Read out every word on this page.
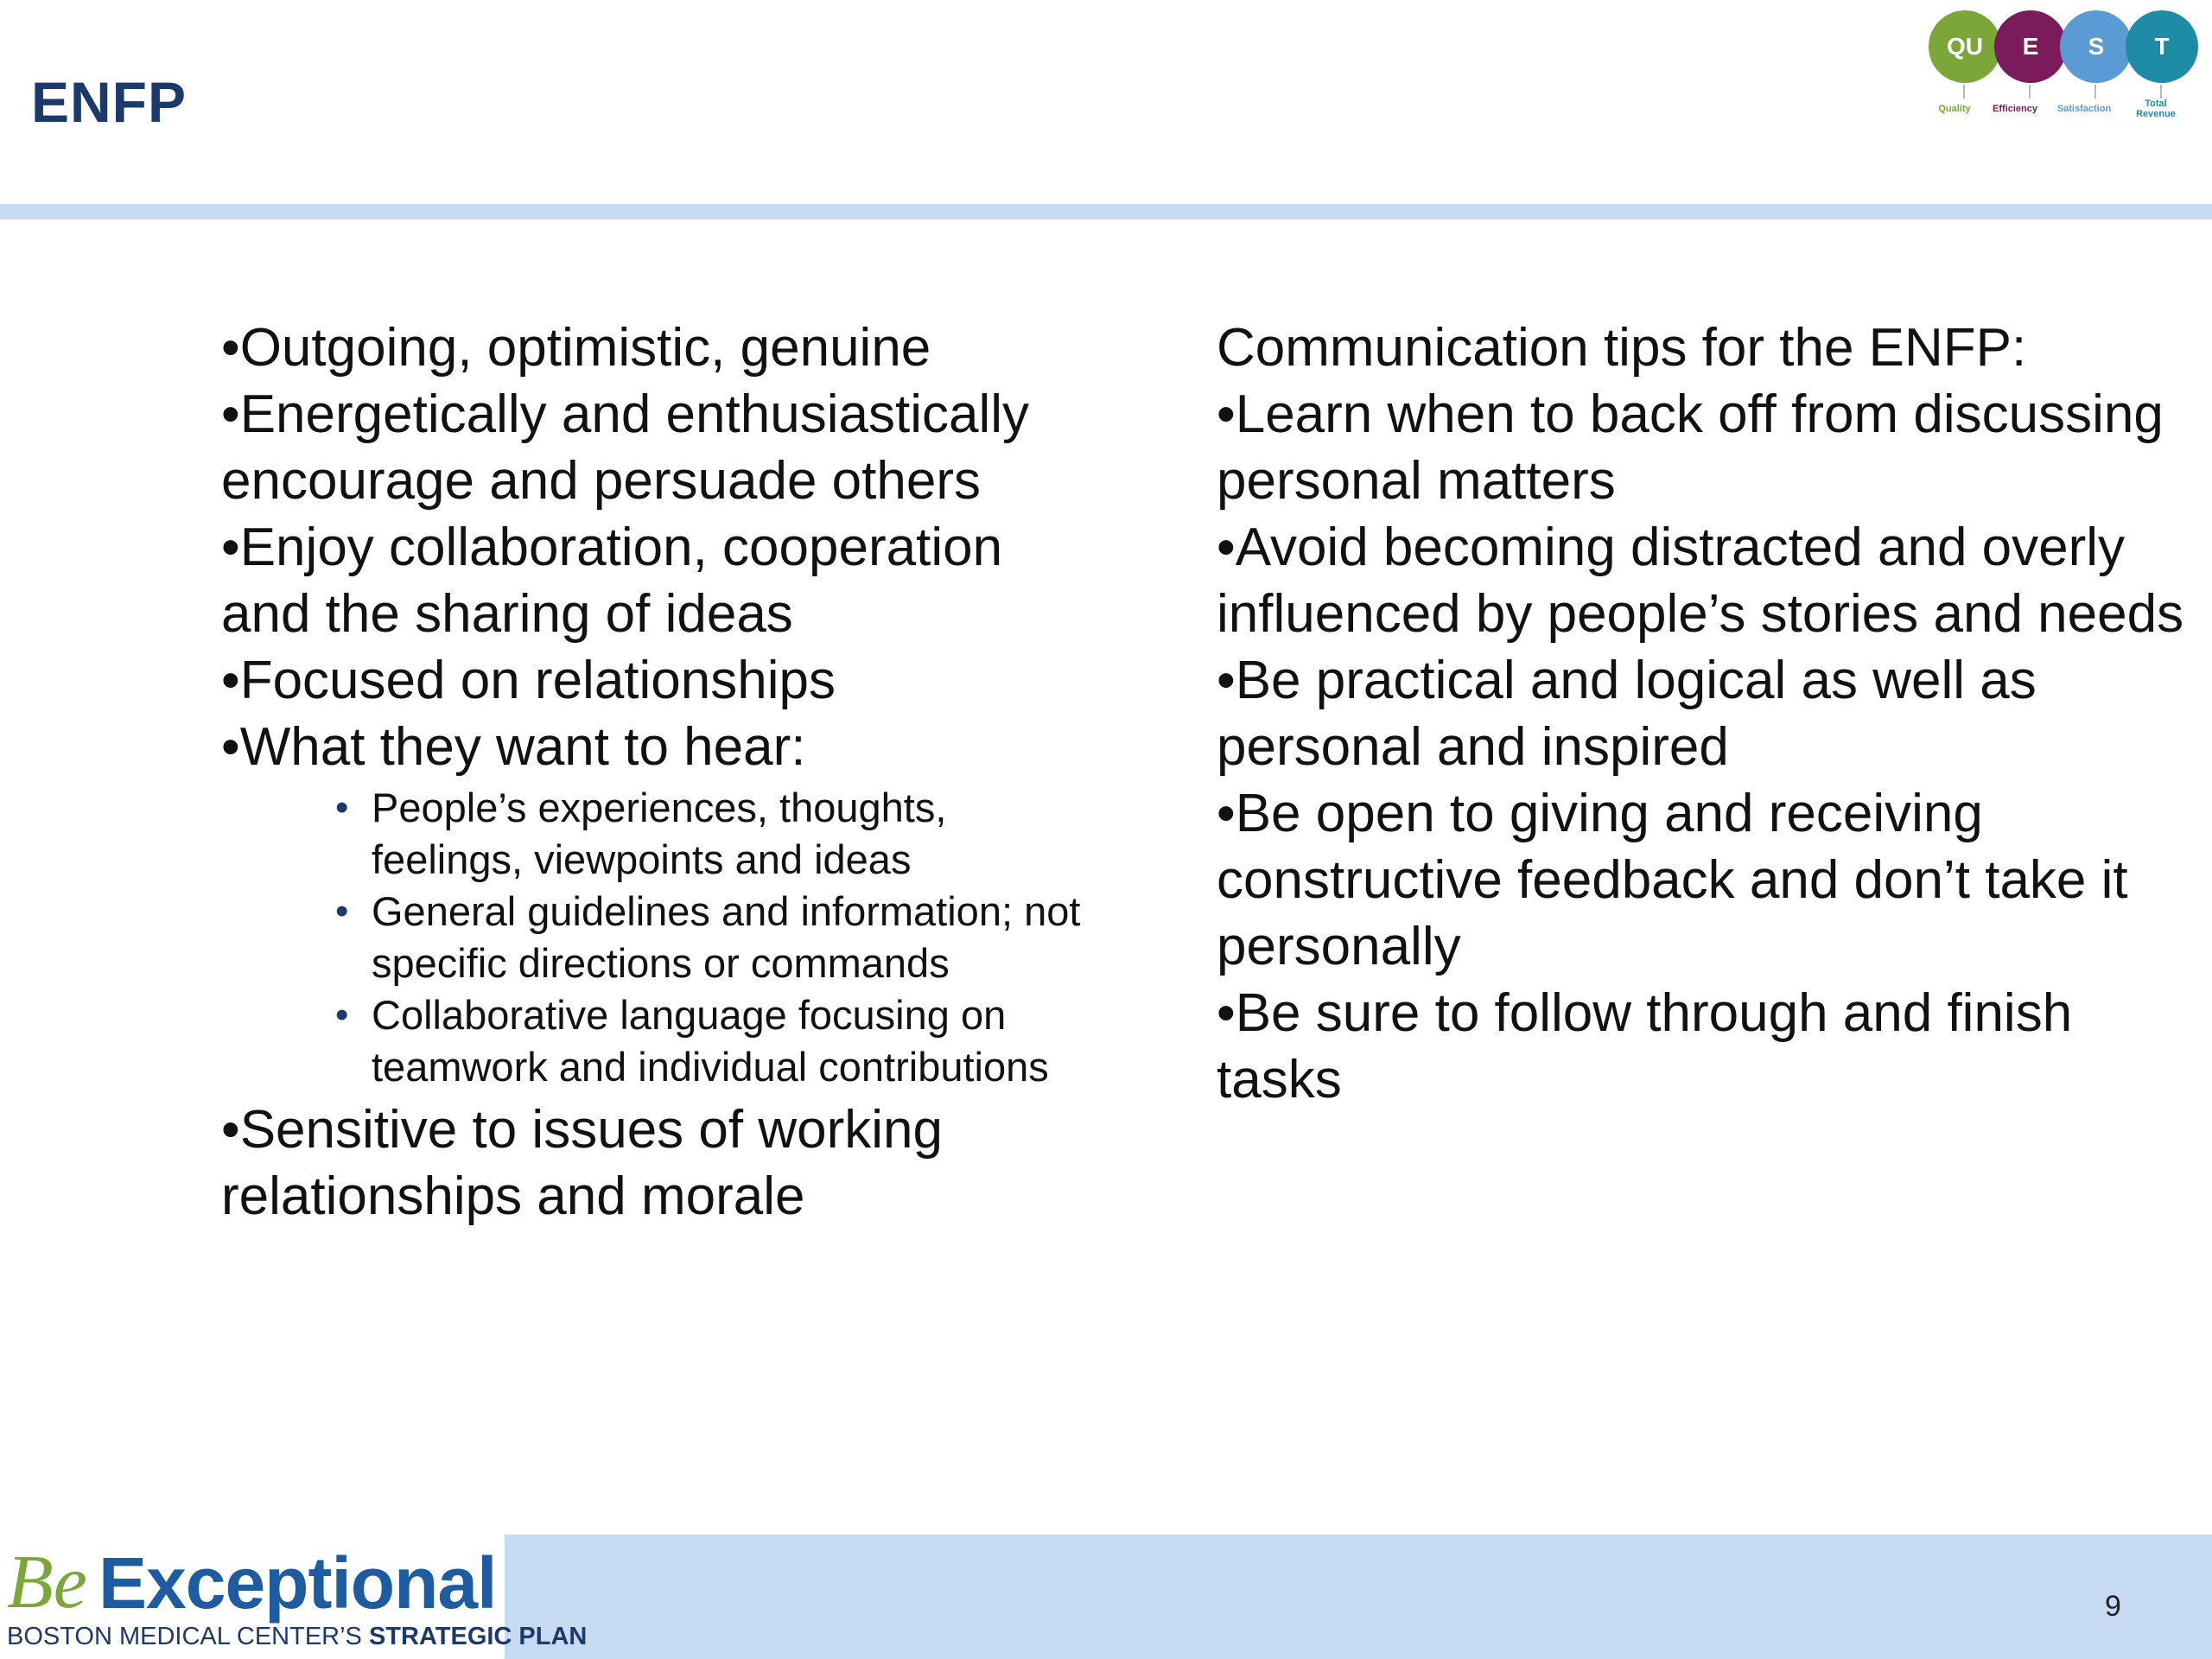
ENFP
QU	E	S	T
Quality	Efficiency	Satisfaction	Total Revenue

•Outgoing, optimistic, genuine

•Energetically and enthusiastically encourage and persuade others

•Enjoy collaboration, cooperation and the sharing of ideas

•Focused on relationships

•What they want to hear:

• People’s experiences, thoughts, feelings, viewpoints and ideas
• General guidelines and information; not specific directions or commands
• Collaborative language focusing on teamwork and individual contributions

•Sensitive to issues of working relationships and morale

Communication tips for the ENFP:

•Learn when to back off from discussing personal matters

•Avoid becoming distracted and overly influenced by people’s stories and needs

•Be practical and logical as well as personal and inspired

•Be open to giving and receiving constructive feedback and don’t take it personally

•Be sure to follow through and finish tasks

Be Exceptional
BOSTON MEDICAL CENTER’S STRATEGIC PLAN
9
